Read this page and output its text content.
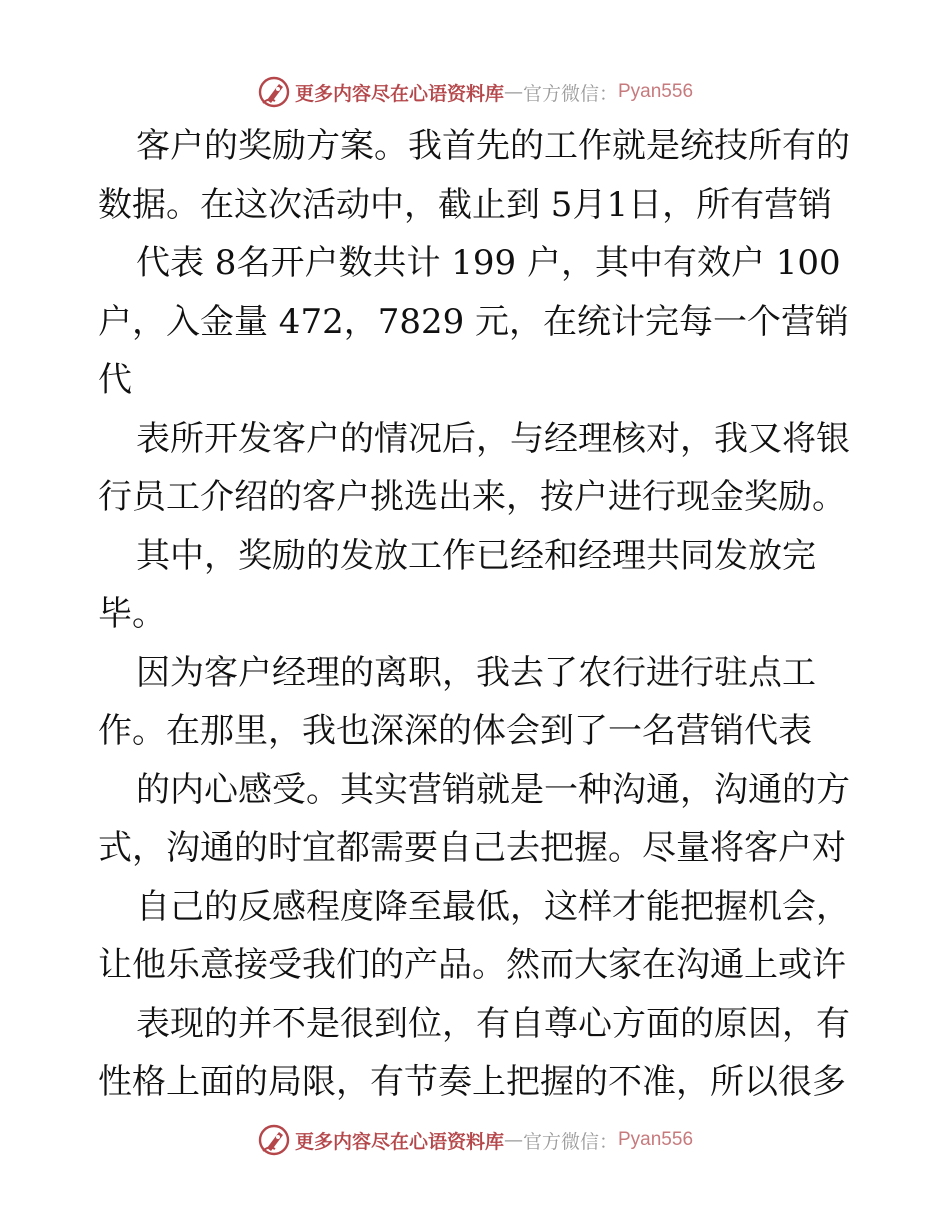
更多内容尽在心语资料库 — 官方微信： Pyan556
客户的奖励方案。我首先的工作就是统技所有的
数据。在这次活动中，截止到 5月1日，所有营销
代表 8名开户数共计 199 户，其中有效户 100
户，入金量 472，7829 元，在统计完每一个营销
代
表所开发客户的情况后，与经理核对，我又将银
行员工介绍的客户挑选出来，按户进行现金奖励。
其中，奖励的发放工作已经和经理共同发放完
毕。
因为客户经理的离职，我去了农行进行驻点工
作。在那里，我也深深的体会到了一名营销代表
的内心感受。其实营销就是一种沟通，沟通的方
式，沟通的时宜都需要自己去把握。尽量将客户对
自己的反感程度降至最低，这样才能把握机会，
让他乐意接受我们的产品。然而大家在沟通上或许
表现的并不是很到位，有自尊心方面的原因，有
性格上面的局限，有节奏上把握的不准，所以很多
更多内容尽在心语资料库 — 官方微信： Pyan556
